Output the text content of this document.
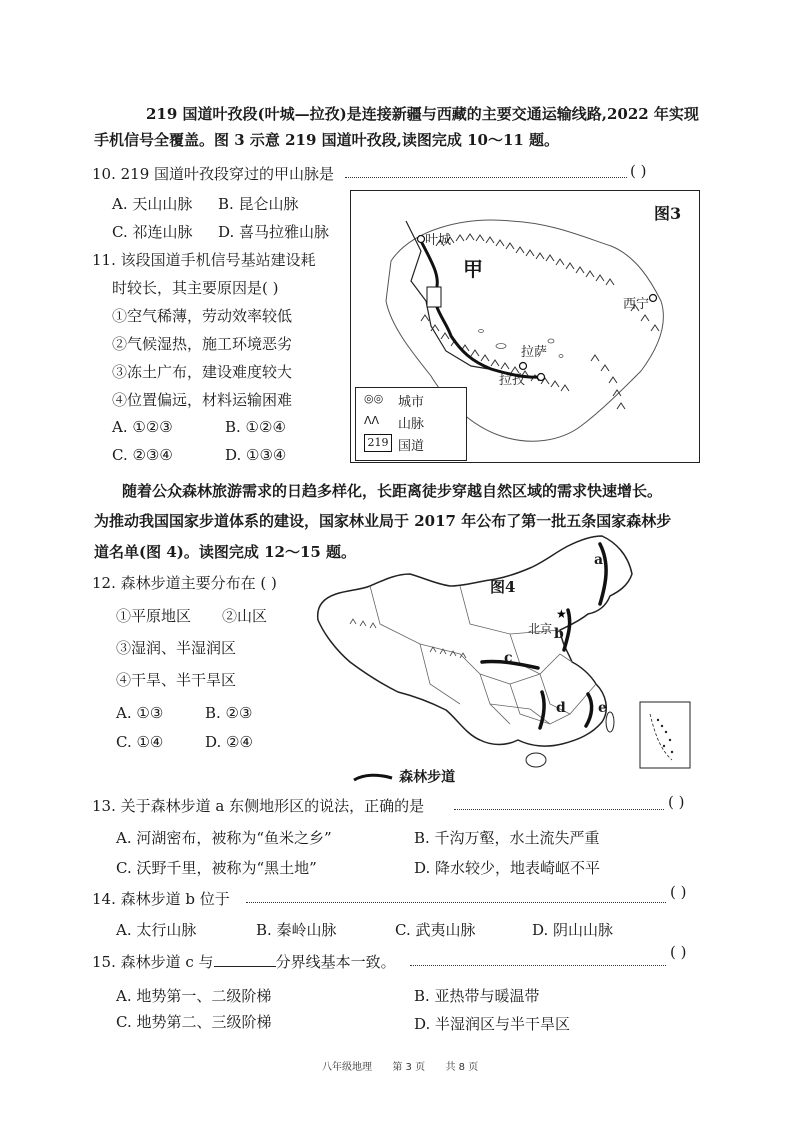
219 国道叶孜段(叶城—拉孜)是连接新疆与西藏的主要交通运输线路,2022 年实现
手机信号全覆盖。图 3 示意 219 国道叶孜段,读图完成 10～11 题。
10. 219 国道叶孜段穿过的甲山脉是	( )
A. 天山山脉 B. 昆仑山脉
C. 祁连山脉 D. 喜马拉雅山脉
11. 该段国道手机信号基站建设耗
时较长，其主要原因是( )
①空气稀薄，劳动效率较低
②气候湿热，施工环境恶劣
③冻土广布，建设难度较大
④位置偏远，材料运输困难
A. ①②③	B. ①②④
C. ②③④	D. ①③④
图3
甲
叶城
西宁
拉萨
拉孜
◎◎ 城市
ᐱᐱ 山脉
219 国道
随着公众森林旅游需求的日趋多样化，长距离徒步穿越自然区域的需求快速增长。
为推动我国国家步道体系的建设，国家林业局于 2017 年公布了第一批五条国家森林步
道名单(图 4)。读图完成 12～15 题。
12. 森林步道主要分布在 ( )
①平原地区 ②山区
③湿润、半湿润区
④干旱、半干旱区
A. ①③	B. ②③
C. ①④	D. ②④
★
图4
a
b
c
d e
北京
森林步道
13. 关于森林步道 a 东侧地形区的说法，正确的是	( )
A. 河湖密布，被称为“鱼米之乡”	B. 千沟万壑，水土流失严重
C. 沃野千里，被称为“黑土地”	D. 降水较少，地表崎岖不平
14. 森林步道 b 位于	( )
A. 太行山脉	B. 秦岭山脉	C. 武夷山脉	D. 阴山山脉
15. 森林步道 c 与	分界线基本一致。
( )
A. 地势第一、二级阶梯	B. 亚热带与暖温带
C. 地势第二、三级阶梯	D. 半湿润区与半干旱区
八年级地理 第 3 页 共 8 页
